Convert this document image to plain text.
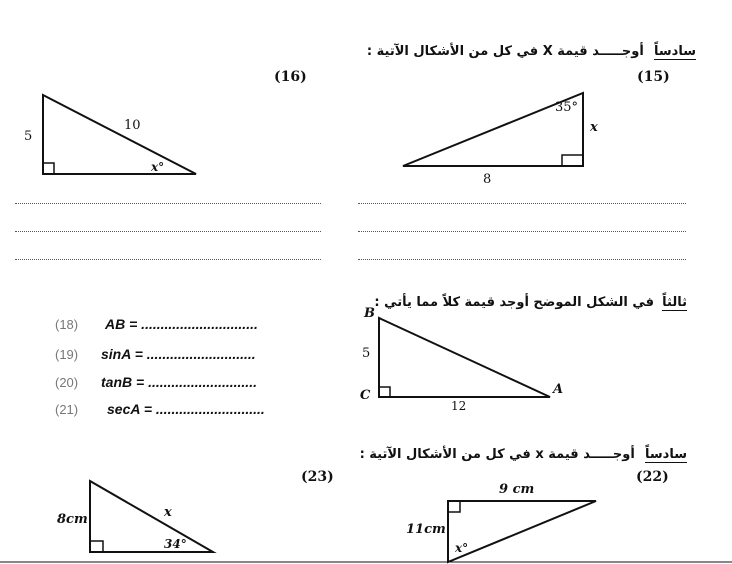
سادساً أوجـــــد قيمة X في كل من الأشكال الآتية :
(16)	(15)
5
10
x°
35°
x
8
ثالثاً في الشكل الموضح أوجد قيمة كلاً مما يأتي :
B
C	A
5
12
(18) AB = ..............................
(19) sinA = ............................
(20) tanB = ............................
(21) secA = ............................
سادساً أوجـــــد قيمة x في كل من الأشكال الآتية :
(23)	(22)
8cm	x
34°
9 cm
11cm
x°
